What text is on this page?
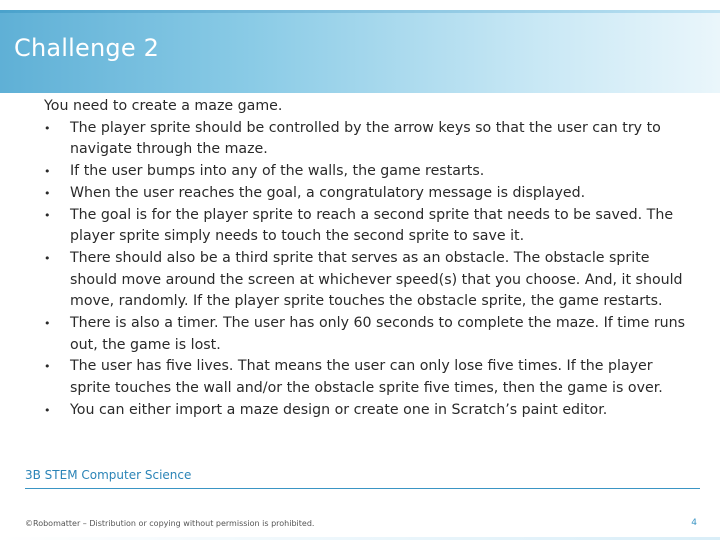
Challenge 2

You need to create a maze game.

• The player sprite should be controlled by the arrow keys so that the user can try to navigate through the maze.
• If the user bumps into any of the walls, the game restarts.
• When the user reaches the goal, a congratulatory message is displayed.
• The goal is for the player sprite to reach a second sprite that needs to be saved. The player sprite simply needs to touch the second sprite to save it.
• There should also be a third sprite that serves as an obstacle. The obstacle sprite should move around the screen at whichever speed(s) that you choose. And, it should move, randomly. If the player sprite touches the obstacle sprite, the game restarts.
• There is also a timer. The user has only 60 seconds to complete the maze. If time runs out, the game is lost.
• The user has five lives. That means the user can only lose five times. If the player sprite touches the wall and/or the obstacle sprite five times, then the game is over.
• You can either import a maze design or create one in Scratch’s paint editor.
3B STEM Computer Science
©Robomatter – Distribution or copying without permission is prohibited.	4
